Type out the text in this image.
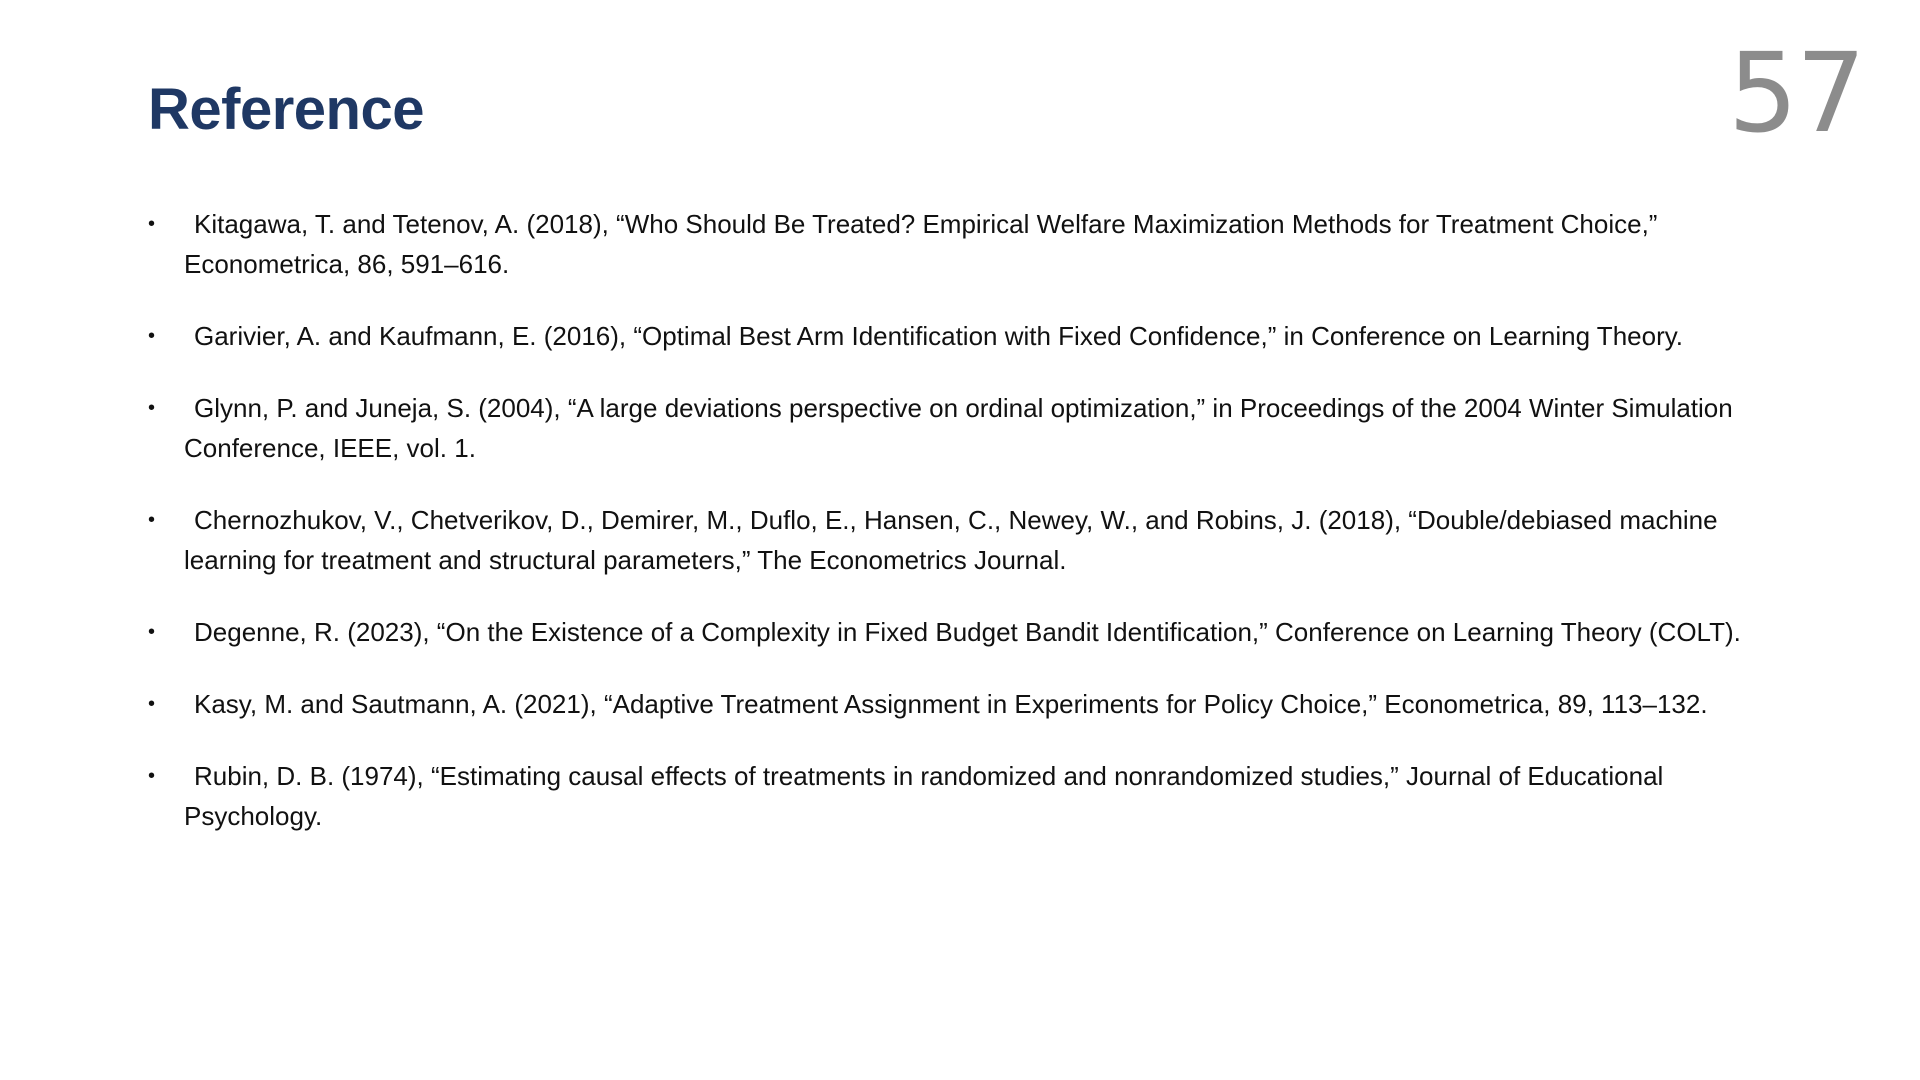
Reference	57
•	Kitagawa, T. and Tetenov, A. (2018), “Who Should Be Treated? Empirical Welfare Maximization Methods for Treatment Choice,” Econometrica, 86, 591–616.
•	Garivier, A. and Kaufmann, E. (2016), “Optimal Best Arm Identification with Fixed Confidence,” in Conference on Learning Theory.
•	Glynn, P. and Juneja, S. (2004), “A large deviations perspective on ordinal optimization,” in Proceedings of the 2004 Winter Simulation Conference, IEEE, vol. 1.
•	Chernozhukov, V., Chetverikov, D., Demirer, M., Duflo, E., Hansen, C., Newey, W., and Robins, J. (2018), “Double/debiased machine learning for treatment and structural parameters,” The Econometrics Journal.
•	Degenne, R. (2023), “On the Existence of a Complexity in Fixed Budget Bandit Identification,” Conference on Learning Theory (COLT).
•	Kasy, M. and Sautmann, A. (2021), “Adaptive Treatment Assignment in Experiments for Policy Choice,” Econometrica, 89, 113–132.
•	Rubin, D. B. (1974), “Estimating causal effects of treatments in randomized and nonrandomized studies,” Journal of Educational Psychology.
